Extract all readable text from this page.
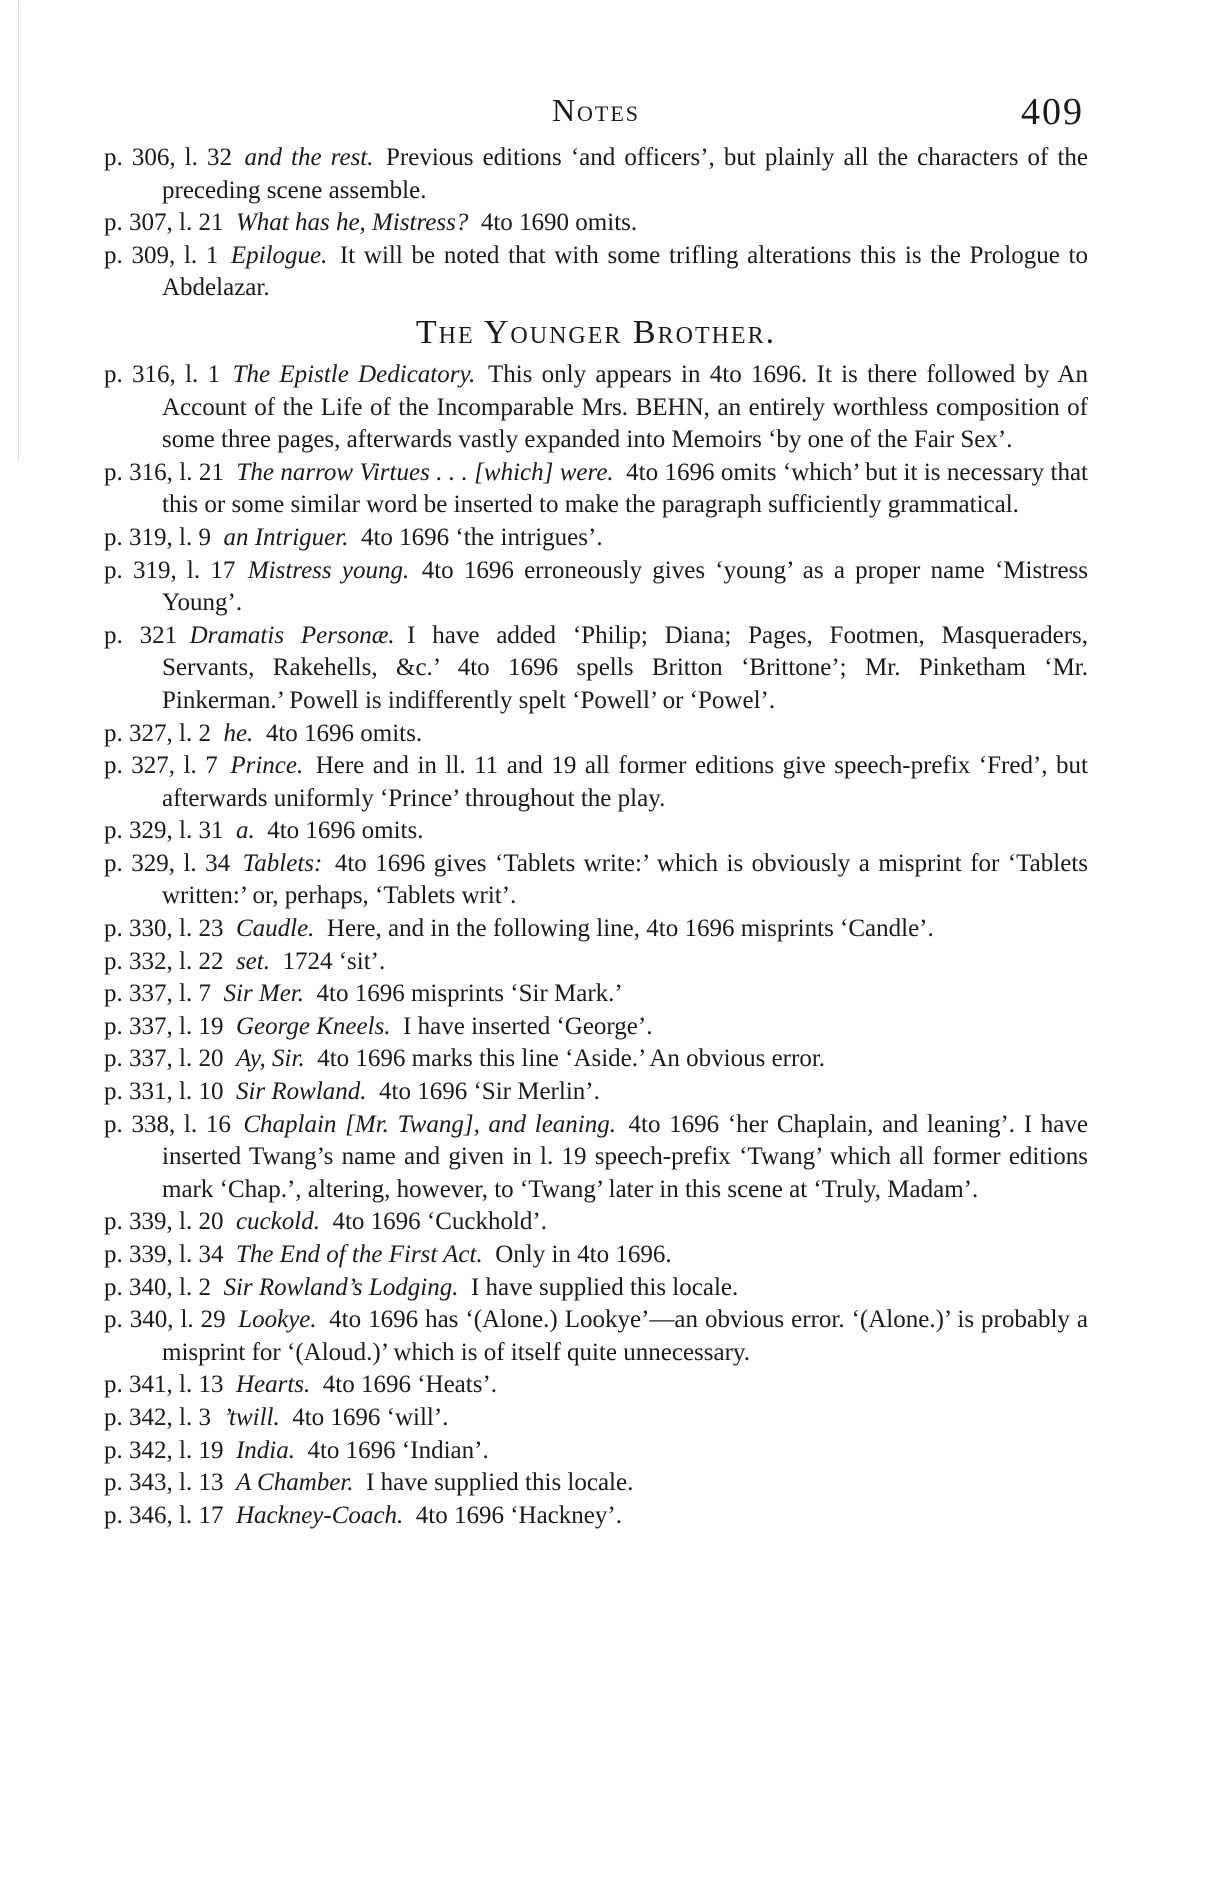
Notes	409
p. 306, l. 32  and the rest.  Previous editions ‘and officers’, but plainly all the characters of the preceding scene assemble.
p. 307, l. 21  What has he, Mistress?  4to 1690 omits.
p. 309, l. 1  Epilogue.  It will be noted that with some trifling alterations this is the Prologue to Abdelazar.
The Younger Brother.
p. 316, l. 1  The Epistle Dedicatory.  This only appears in 4to 1696. It is there followed by An Account of the Life of the Incomparable Mrs. BEHN, an entirely worthless composition of some three pages, afterwards vastly expanded into Memoirs ‘by one of the Fair Sex’.
p. 316, l. 21  The narrow Virtues . . . [which] were.  4to 1696 omits ‘which’ but it is necessary that this or some similar word be inserted to make the paragraph sufficiently grammatical.
p. 319, l. 9  an Intriguer.  4to 1696 ‘the intrigues’.
p. 319, l. 17  Mistress young.  4to 1696 erroneously gives ‘young’ as a proper name ‘Mistress Young’.
p. 321  Dramatis Personæ.  I have added ‘Philip; Diana; Pages, Footmen, Masqueraders, Servants, Rakehells, &c.’ 4to 1696 spells Britton ‘Brittone’; Mr. Pinketham ‘Mr. Pinkerman.’ Powell is indifferently spelt ‘Powell’ or ‘Powel’.
p. 327, l. 2  he.  4to 1696 omits.
p. 327, l. 7  Prince.  Here and in ll. 11 and 19 all former editions give speech-prefix ‘Fred’, but afterwards uniformly ‘Prince’ throughout the play.
p. 329, l. 31  a.  4to 1696 omits.
p. 329, l. 34  Tablets:  4to 1696 gives ‘Tablets write:’ which is obviously a misprint for ‘Tablets written:’ or, perhaps, ‘Tablets writ’.
p. 330, l. 23  Caudle.  Here, and in the following line, 4to 1696 misprints ‘Candle’.
p. 332, l. 22  set.  1724 ‘sit’.
p. 337, l. 7  Sir Mer.  4to 1696 misprints ‘Sir Mark.’
p. 337, l. 19  George Kneels.  I have inserted ‘George’.
p. 337, l. 20  Ay, Sir.  4to 1696 marks this line ‘Aside.’ An obvious error.
p. 331, l. 10  Sir Rowland.  4to 1696 ‘Sir Merlin’.
p. 338, l. 16  Chaplain [Mr. Twang], and leaning.  4to 1696 ‘her Chaplain, and leaning’. I have inserted Twang’s name and given in l. 19 speech-prefix ‘Twang’ which all former editions mark ‘Chap.’, altering, however, to ‘Twang’ later in this scene at ‘Truly, Madam’.
p. 339, l. 20  cuckold.  4to 1696 ‘Cuckhold’.
p. 339, l. 34  The End of the First Act.  Only in 4to 1696.
p. 340, l. 2  Sir Rowland’s Lodging.  I have supplied this locale.
p. 340, l. 29  Lookye.  4to 1696 has ‘(Alone.) Lookye’—an obvious error. ‘(Alone.)’ is probably a misprint for ‘(Aloud.)’ which is of itself quite unnecessary.
p. 341, l. 13  Hearts.  4to 1696 ‘Heats’.
p. 342, l. 3  ’twill.  4to 1696 ‘will’.
p. 342, l. 19  India.  4to 1696 ‘Indian’.
p. 343, l. 13  A Chamber.  I have supplied this locale.
p. 346, l. 17  Hackney-Coach.  4to 1696 ‘Hackney’.
